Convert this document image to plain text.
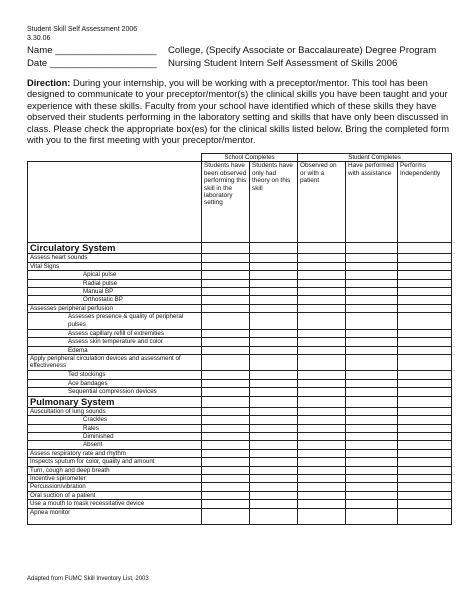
Student Skill Self Assessment 2006
3.30.06
Name ___________________ College, (Specify Associate or Baccalaureate) Degree Program
Date ____________________ Nursing Student Intern Self Assessment of Skills 2006
Direction: During your internship, you will be working with a preceptor/mentor. This tool has been designed to communicate to your preceptor/mentor(s) the clinical skills you have been taught and your experience with these skills. Faculty from your school have identified which of these skills they have observed their students performing in the laboratory setting and skills that have only been discussed in class. Please check the appropriate box(es) for the clinical skills listed below. Bring the completed form with you to the first meeting with your preceptor/mentor.
	School Completes		Student Completes		
	Students have been observed performing this skill in the laboratory setting	Students have only had theory on this skill	Observed on or with a patient	Have performed with assistance	Performs Independently
Circulatory System					
Assess heart sounds					
Vital Signs					
Apical pulse					
Radial pulse					
Manual BP					
Orthostatic BP					
Assesses peripheral perfusion					
Assesses presence & quality of peripheral pulses					
Assess capillary refill of extremities					
Assess skin temperature and color					
Edema					
Apply peripheral circulation devices and assessment of effectiveness					
Ted stockings					
Ace bandages					
Sequential compression devices					
Pulmonary System					
Auscultation of lung sounds					
Crackles					
Rales					
Diminished					
Absent					
Assess respiratory rate and rhythm					
Inspects sputum for color, quality and amount					
Turn, cough and deep breath					
Incentive spirometer					
Percussion/vibration					
Oral suction of a patient					
Use a mouth to mask recessitative device					
Apnea monitor					
Adapted from FUMC Skill Inventory List, 2003
